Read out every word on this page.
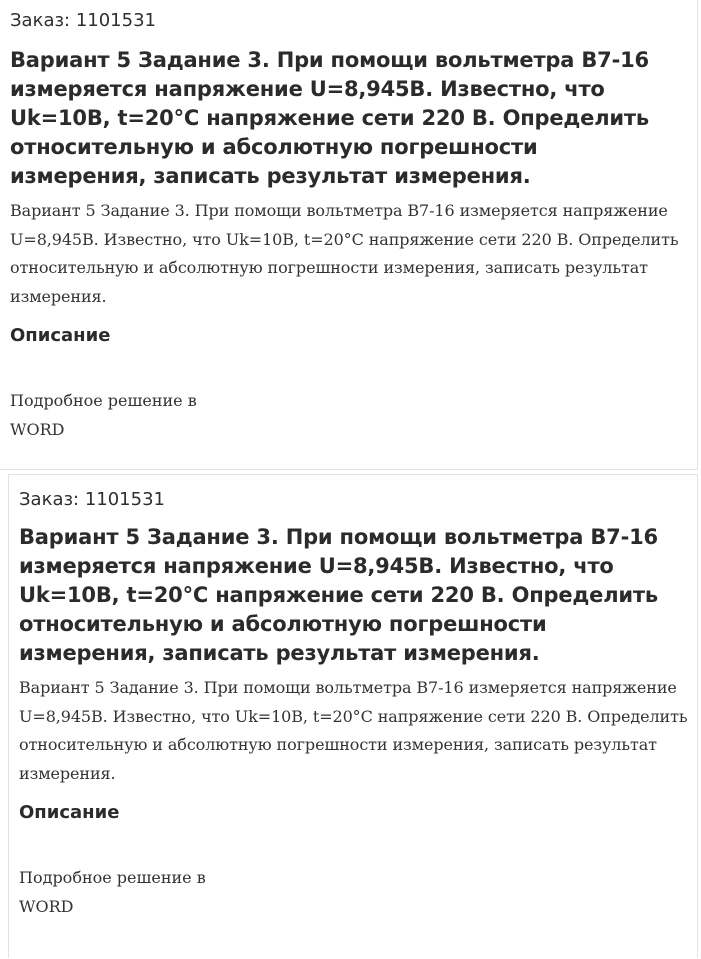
Заказ: 1101531
Вариант 5 Задание 3. При помощи вольтметра В7-16 измеряется напряжение U=8,945В. Известно, что Uk=10В, t=20°С напряжение сети 220 В. Определить относительную и абсолютную погрешности измерения, записать результат измерения.
Вариант 5 Задание 3. При помощи вольтметра В7-16 измеряется напряжение U=8,945В. Известно, что Uk=10В, t=20°С напряжение сети 220 В. Определить относительную и абсолютную погрешности измерения, записать результат измерения.
Описание
Подробное решение в WORD
Заказ: 1101531
Вариант 5 Задание 3. При помощи вольтметра В7-16 измеряется напряжение U=8,945В. Известно, что Uk=10В, t=20°С напряжение сети 220 В. Определить относительную и абсолютную погрешности измерения, записать результат измерения.
Вариант 5 Задание 3. При помощи вольтметра В7-16 измеряется напряжение U=8,945В. Известно, что Uk=10В, t=20°С напряжение сети 220 В. Определить относительную и абсолютную погрешности измерения, записать результат измерения.
Описание
Подробное решение в WORD
